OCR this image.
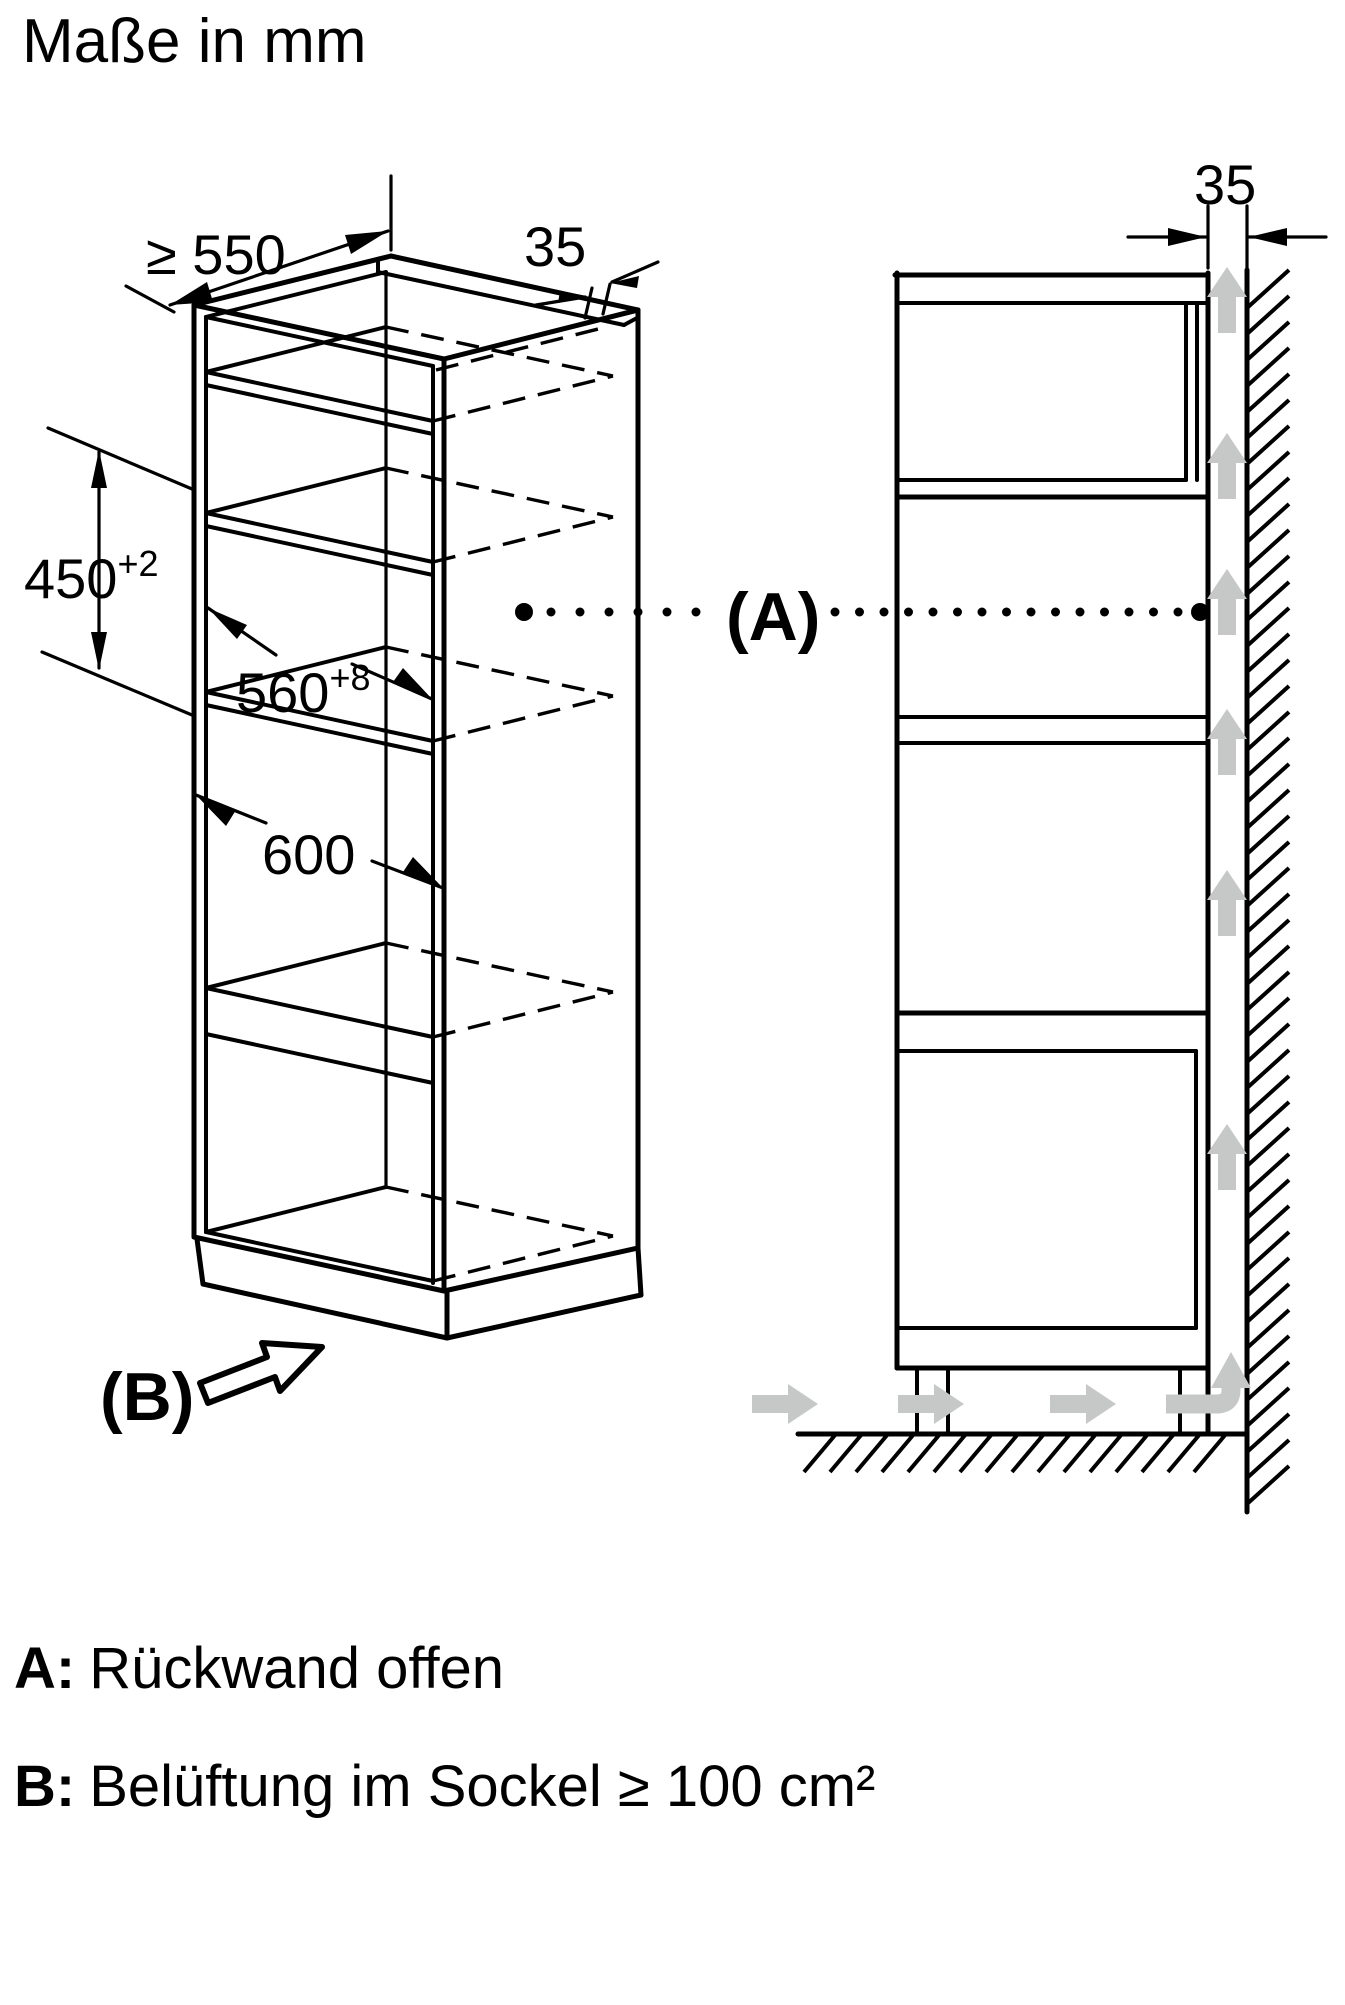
Maße in mm
≥ 550	35
450+2
560+8
600
(B)
35
(A)
A: Rückwand offen
B: Belüftung im Sockel ≥ 100 cm²
